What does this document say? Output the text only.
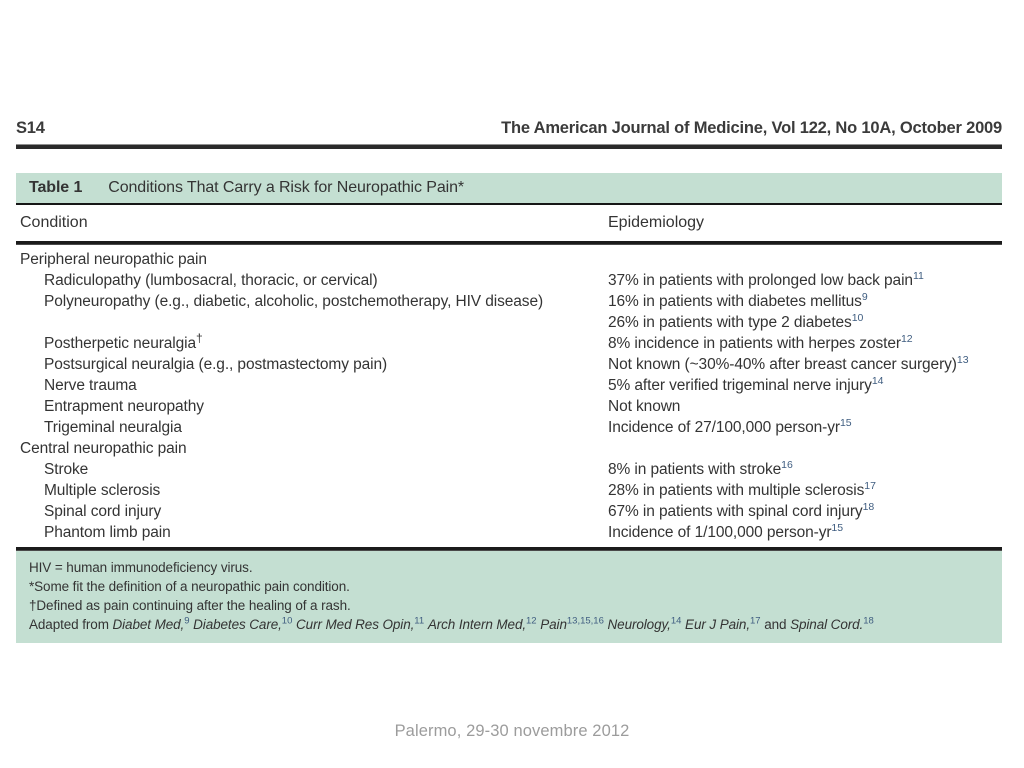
S14	The American Journal of Medicine, Vol 122, No 10A, October 2009
Table 1 Conditions That Carry a Risk for Neuropathic Pain*
Condition	Epidemiology
Peripheral neuropathic pain
Radiculopathy (lumbosacral, thoracic, or cervical)	37% in patients with prolonged low back pain$^{11}$
Polyneuropathy (e.g., diabetic, alcoholic, postchemotherapy, HIV disease)	16% in patients with diabetes mellitus$^9$
26% in patients with type 2 diabetes$^{10}$
Postherpetic neuralgia†	8% incidence in patients with herpes zoster$^{12}$
Postsurgical neuralgia (e.g., postmastectomy pain)	Not known (~30%-40% after breast cancer surgery)$^{13}$
Nerve trauma	5% after verified trigeminal nerve injury$^{14}$
Entrapment neuropathy	Not known
Trigeminal neuralgia	Incidence of 27/100,000 person-$yr^{15}$
Central neuropathic pain
Stroke	8% in patients with stroke$^{16}$
Multiple sclerosis	28% in patients with multiple sclerosis$^{17}$
Spinal cord injury	67% in patients with spinal cord injury$^{18}$
Phantom limb pain	Incidence of 1/100,000 person-$yr^{15}$
HIV = human immunodeficiency virus.
*Some fit the definition of a neuropathic pain condition.
†Defined as pain continuing after the healing of a rash.
Adapted from Diabet Med,$^9$ Diabetes Care,$^{10}$ Curr Med Res Opin,$^{11}$ Arch Intern Med,$^{12}$ Pain$^{13,15,16}$ Neurology,$^{14}$ Eur J Pain,$^{17}$ and Spinal Cord.$^{18}$
Palermo, 29-30 novembre 2012
